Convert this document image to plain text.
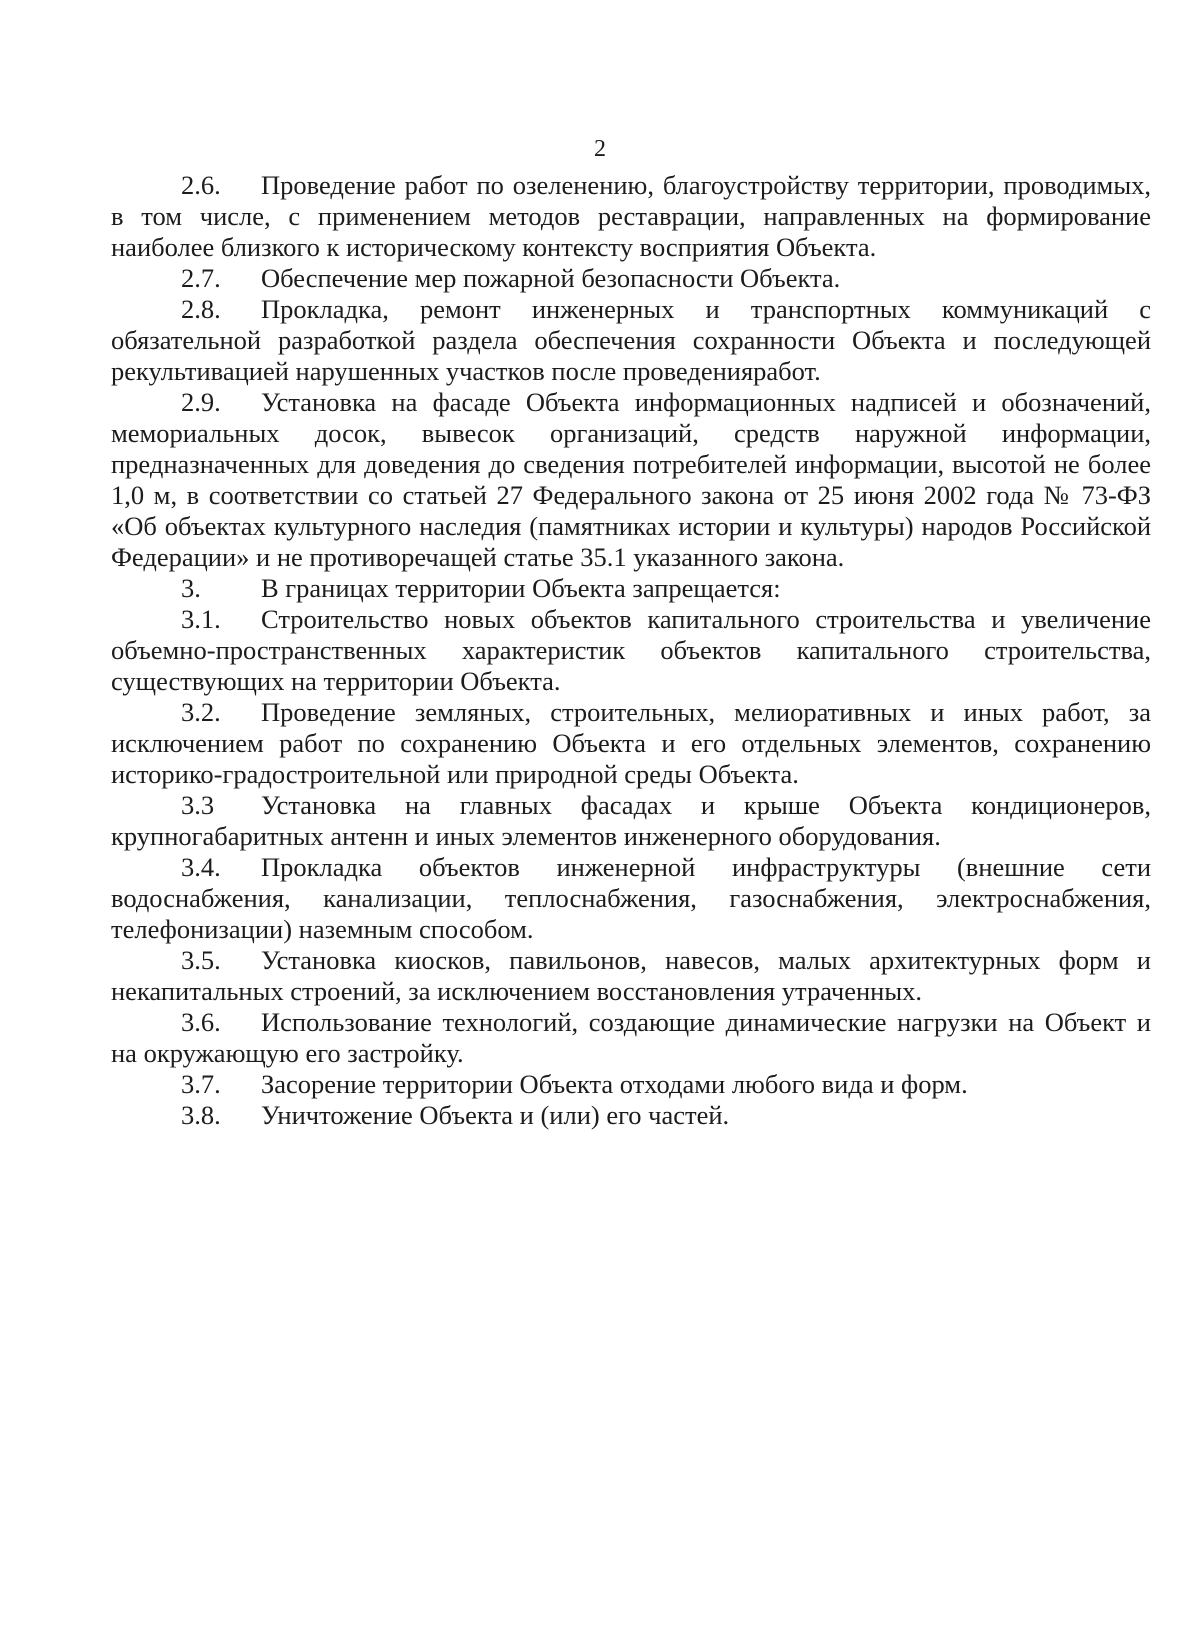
2

2.6. Проведение работ по озеленению, благоустройству территории, проводимых, в том числе, с применением методов реставрации, направленных на формирование наиболее близкого к историческому контексту восприятия Объекта.

2.7. Обеспечение мер пожарной безопасности Объекта.

2.8. Прокладка, ремонт инженерных и транспортных коммуникаций с обязательной разработкой раздела обеспечения сохранности Объекта и последующей рекультивацией нарушенных участков после проведенияработ.

2.9. Установка на фасаде Объекта информационных надписей и обозначений, мемориальных досок, вывесок организаций, средств наружной информации, предназначенных для доведения до сведения потребителей информации, высотой не более 1,0 м, в соответствии со статьей 27 Федерального закона от 25 июня 2002 года № 73-ФЗ «Об объектах культурного наследия (памятниках истории и культуры) народов Российской Федерации» и не противоречащей статье 35.1 указанного закона.

3. В границах территории Объекта запрещается:

3.1. Строительство новых объектов капитального строительства и увеличение объемно-пространственных характеристик объектов капитального строительства, существующих на территории Объекта.

3.2. Проведение земляных, строительных, мелиоративных и иных работ, за исключением работ по сохранению Объекта и его отдельных элементов, сохранению историко-градостроительной или природной среды Объекта.

3.3 Установка на главных фасадах и крыше Объекта кондиционеров, крупногабаритных антенн и иных элементов инженерного оборудования.

3.4. Прокладка объектов инженерной инфраструктуры (внешние сети водоснабжения, канализации, теплоснабжения, газоснабжения, электроснабжения, телефонизации) наземным способом.

3.5. Установка киосков, павильонов, навесов, малых архитектурных форм и некапитальных строений, за исключением восстановления утраченных.

3.6. Использование технологий, создающие динамические нагрузки на Объект и на окружающую его застройку.

3.7. Засорение территории Объекта отходами любого вида и форм.

3.8. Уничтожение Объекта и (или) его частей.
